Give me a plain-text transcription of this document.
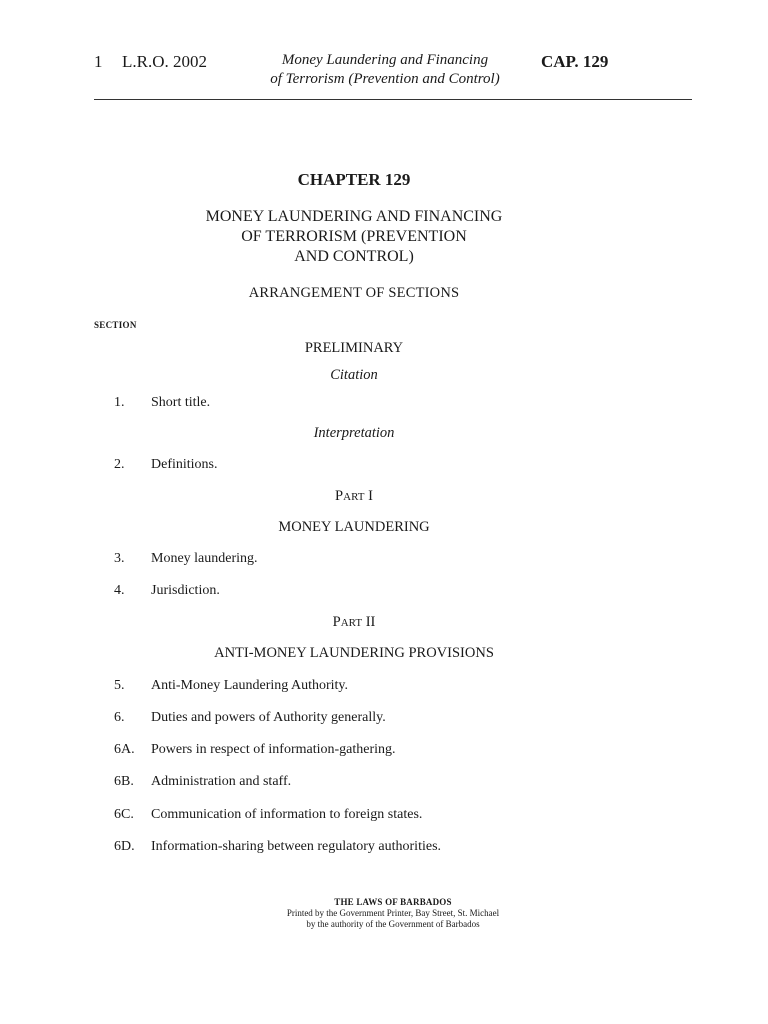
1 L.R.O. 2002	Money Laundering and Financing
of Terrorism (Prevention and Control)
CAP. 129
CHAPTER 129
MONEY LAUNDERING AND FINANCING
OF TERRORISM (PREVENTION
AND CONTROL)
ARRANGEMENT OF SECTIONS
SECTION
PRELIMINARY
Citation
1. Short title.
Interpretation
2. Definitions.
PART I
MONEY LAUNDERING
3. Money laundering.
4. Jurisdiction.
PART II
ANTI-MONEY LAUNDERING PROVISIONS
5. Anti-Money Laundering Authority.
6. Duties and powers of Authority generally.
6A. Powers in respect of information-gathering.
6B. Administration and staff.
6C. Communication of information to foreign states.
6D. Information-sharing between regulatory authorities.
THE LAWS OF BARBADOS
Printed by the Government Printer, Bay Street, St. Michael
by the authority of the Government of Barbados
